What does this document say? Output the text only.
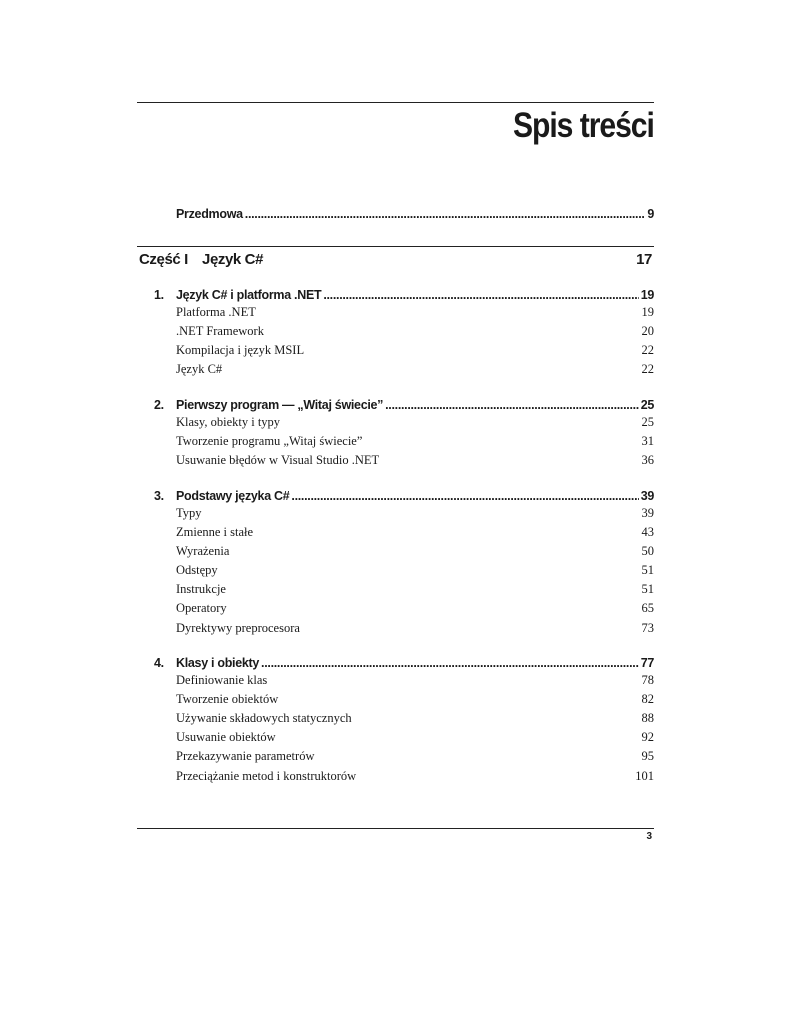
Spis treści
Przedmowa .....	9
Część I Język C#	17
1. Język C# i platforma .NET .....	19
Platforma .NET	19
.NET Framework	20
Kompilacja i język MSIL	22
Język C#	22
2. Pierwszy program — „Witaj świecie” .....	25
Klasy, obiekty i typy	25
Tworzenie programu „Witaj świecie”	31
Usuwanie błędów w Visual Studio .NET	36
3. Podstawy języka C# .....	39
Typy	39
Zmienne i stałe	43
Wyrażenia	50
Odstępy	51
Instrukcje	51
Operatory	65
Dyrektywy preprocesora	73
4. Klasy i obiekty .....	77
Definiowanie klas	78
Tworzenie obiektów	82
Używanie składowych statycznych	88
Usuwanie obiektów	92
Przekazywanie parametrów	95
Przeciążanie metod i konstruktorów	101
3
